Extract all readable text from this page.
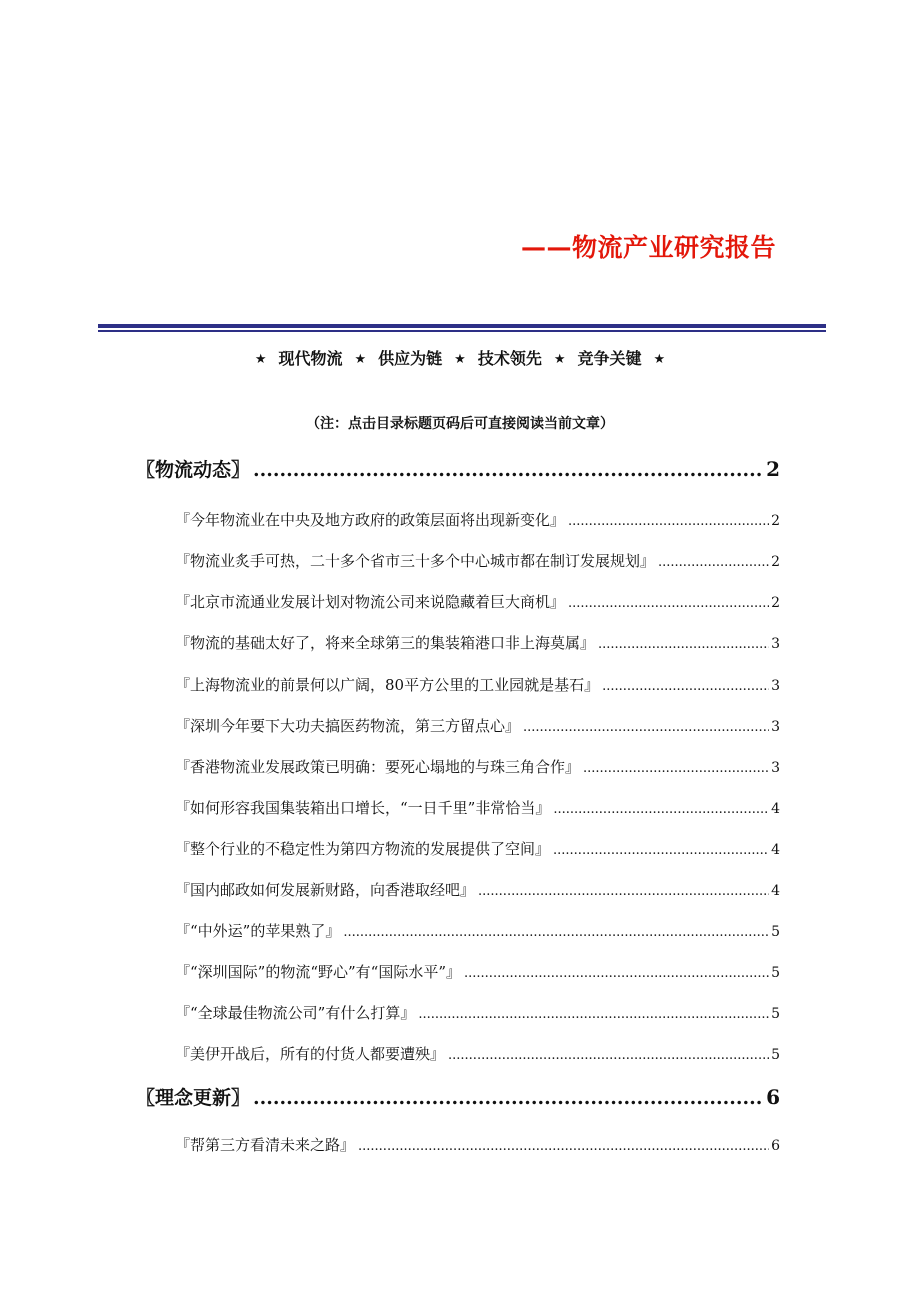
——物流产业研究报告
★ 现代物流 ★ 供应为链 ★ 技术领先 ★ 竞争关键 ★
（注：点击目录标题页码后可直接阅读当前文章）
〖物流动态〗 .....	2
『今年物流业在中央及地方政府的政策层面将出现新变化』 .....	2
『物流业炙手可热，二十多个省市三十多个中心城市都在制订发展规划』 .....	2
『北京市流通业发展计划对物流公司来说隐藏着巨大商机』 .....	2
『物流的基础太好了，将来全球第三的集装箱港口非上海莫属』 .....	3
『上海物流业的前景何以广阔，80平方公里的工业园就是基石』 .....	3
『深圳今年要下大功夫搞医药物流，第三方留点心』 .....	3
『香港物流业发展政策已明确：要死心塌地的与珠三角合作』 .....	3
『如何形容我国集装箱出口增长，“一日千里”非常恰当』 .....	4
『整个行业的不稳定性为第四方物流的发展提供了空间』 .....	4
『国内邮政如何发展新财路，向香港取经吧』 .....	4
『“中外运”的苹果熟了』 .....	5
『“深圳国际”的物流“野心”有“国际水平”』 .....	5
『“全球最佳物流公司”有什么打算』 .....	5
『美伊开战后，所有的付货人都要遭殃』 .....	5
〖理念更新〗 .....	6
『帮第三方看清未来之路』 .....	6
